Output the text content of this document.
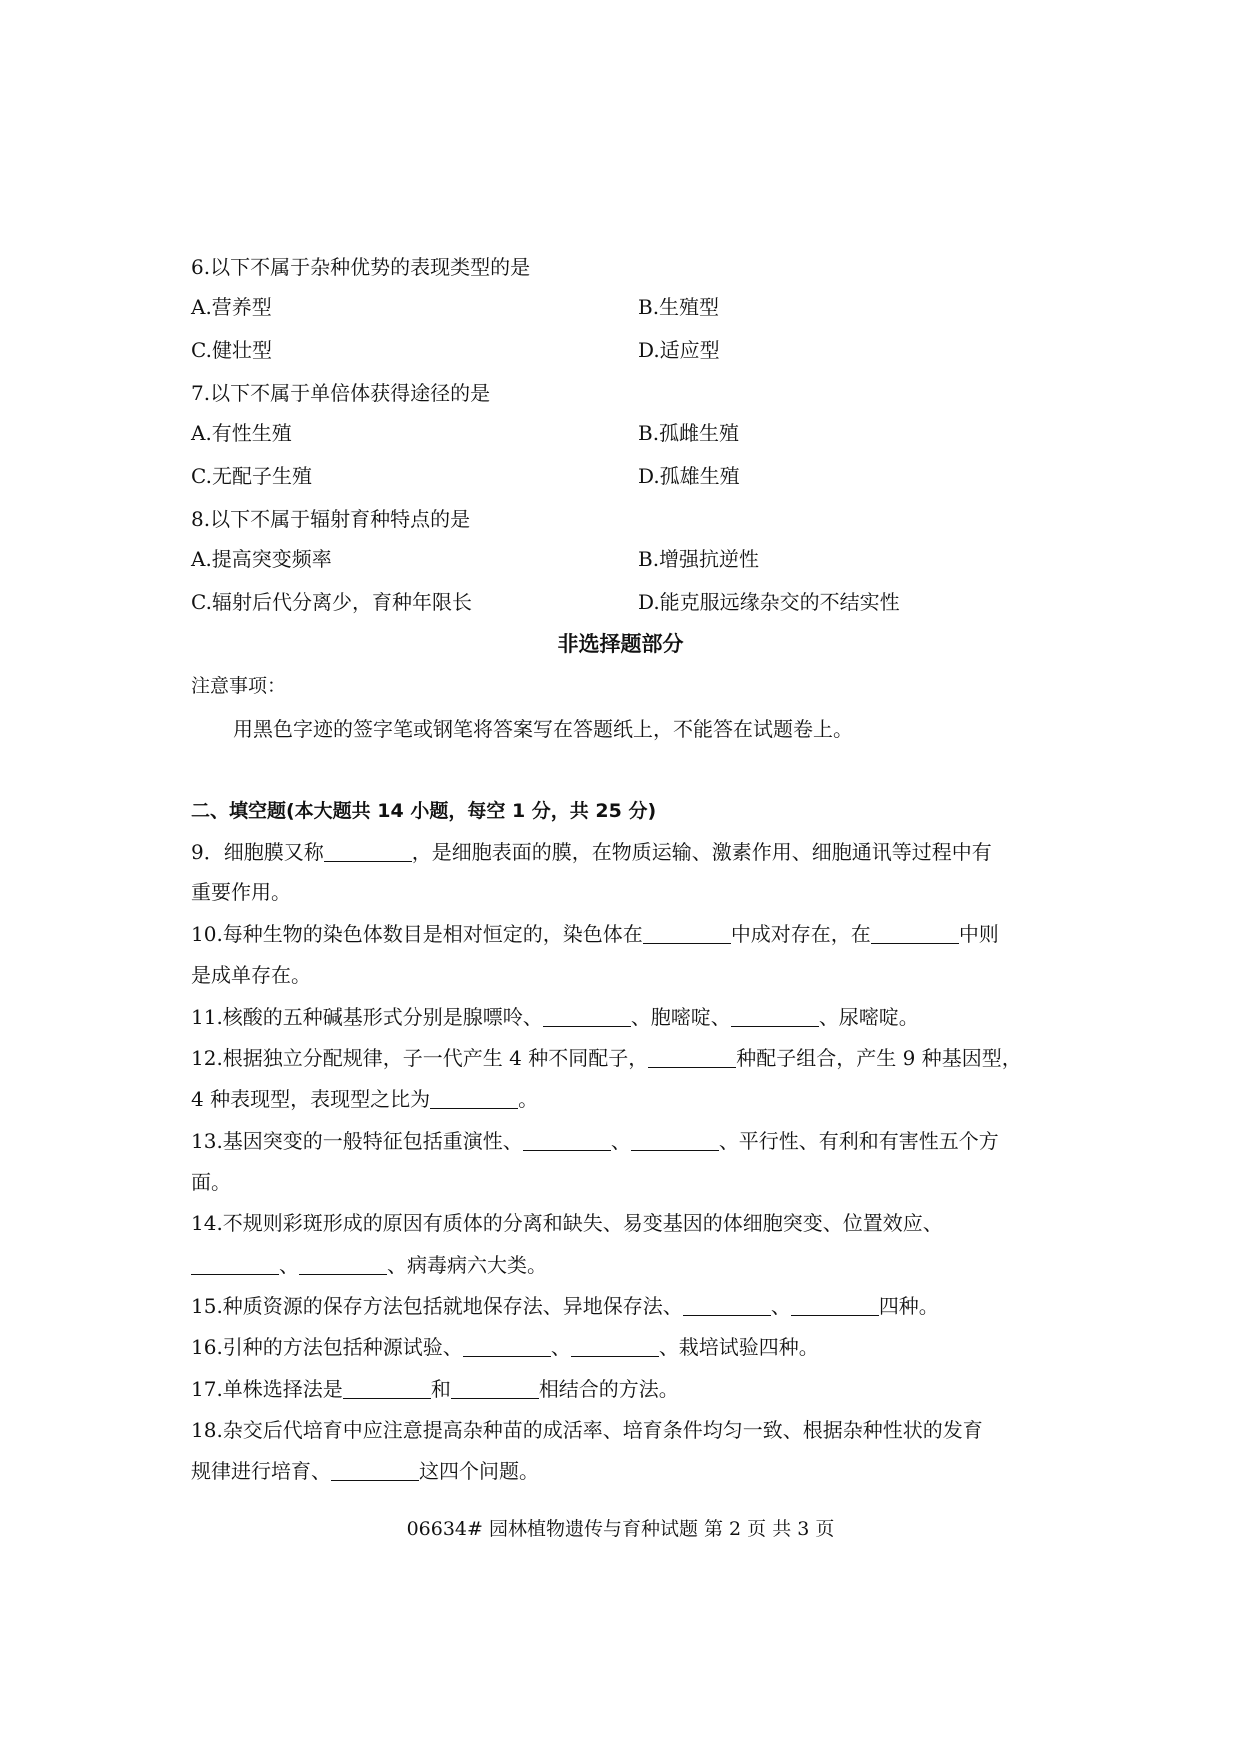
6.以下不属于杂种优势的表现类型的是
A.营养型	B.生殖型
C.健壮型	D.适应型
7.以下不属于单倍体获得途径的是
A.有性生殖	B.孤雌生殖
C.无配子生殖	D.孤雄生殖
8.以下不属于辐射育种特点的是
A.提高突变频率	B.增强抗逆性
C.辐射后代分离少，育种年限长	D.能克服远缘杂交的不结实性
非选择题部分
注意事项：
用黑色字迹的签字笔或钢笔将答案写在答题纸上，不能答在试题卷上。
二、填空题(本大题共 14 小题，每空 1 分，共 25 分)
9．细胞膜又称	，是细胞表面的膜，在物质运输、激素作用、细胞通讯等过程中有
重要作用。
10.每种生物的染色体数目是相对恒定的，染色体在	中成对存在，在	中则
是成单存在。
11.核酸的五种碱基形式分别是腺嘌呤、	、胞嘧啶、	、尿嘧啶。
12.根据独立分配规律，子一代产生 4 种不同配子，	种配子组合，产生 9 种基因型，
4 种表现型，表现型之比为	。
13.基因突变的一般特征包括重演性、	、	、平行性、有利和有害性五个方
面。
14.不规则彩斑形成的原因有质体的分离和缺失、易变基因的体细胞突变、位置效应、
、	、病毒病六大类。
15.种质资源的保存方法包括就地保存法、异地保存法、	、	四种。
16.引种的方法包括种源试验、	、	、栽培试验四种。
17.单株选择法是	和	相结合的方法。
18.杂交后代培育中应注意提高杂种苗的成活率、培育条件均匀一致、根据杂种性状的发育
规律进行培育、	这四个问题。
06634# 园林植物遗传与育种试题 第 2 页 共 3 页
